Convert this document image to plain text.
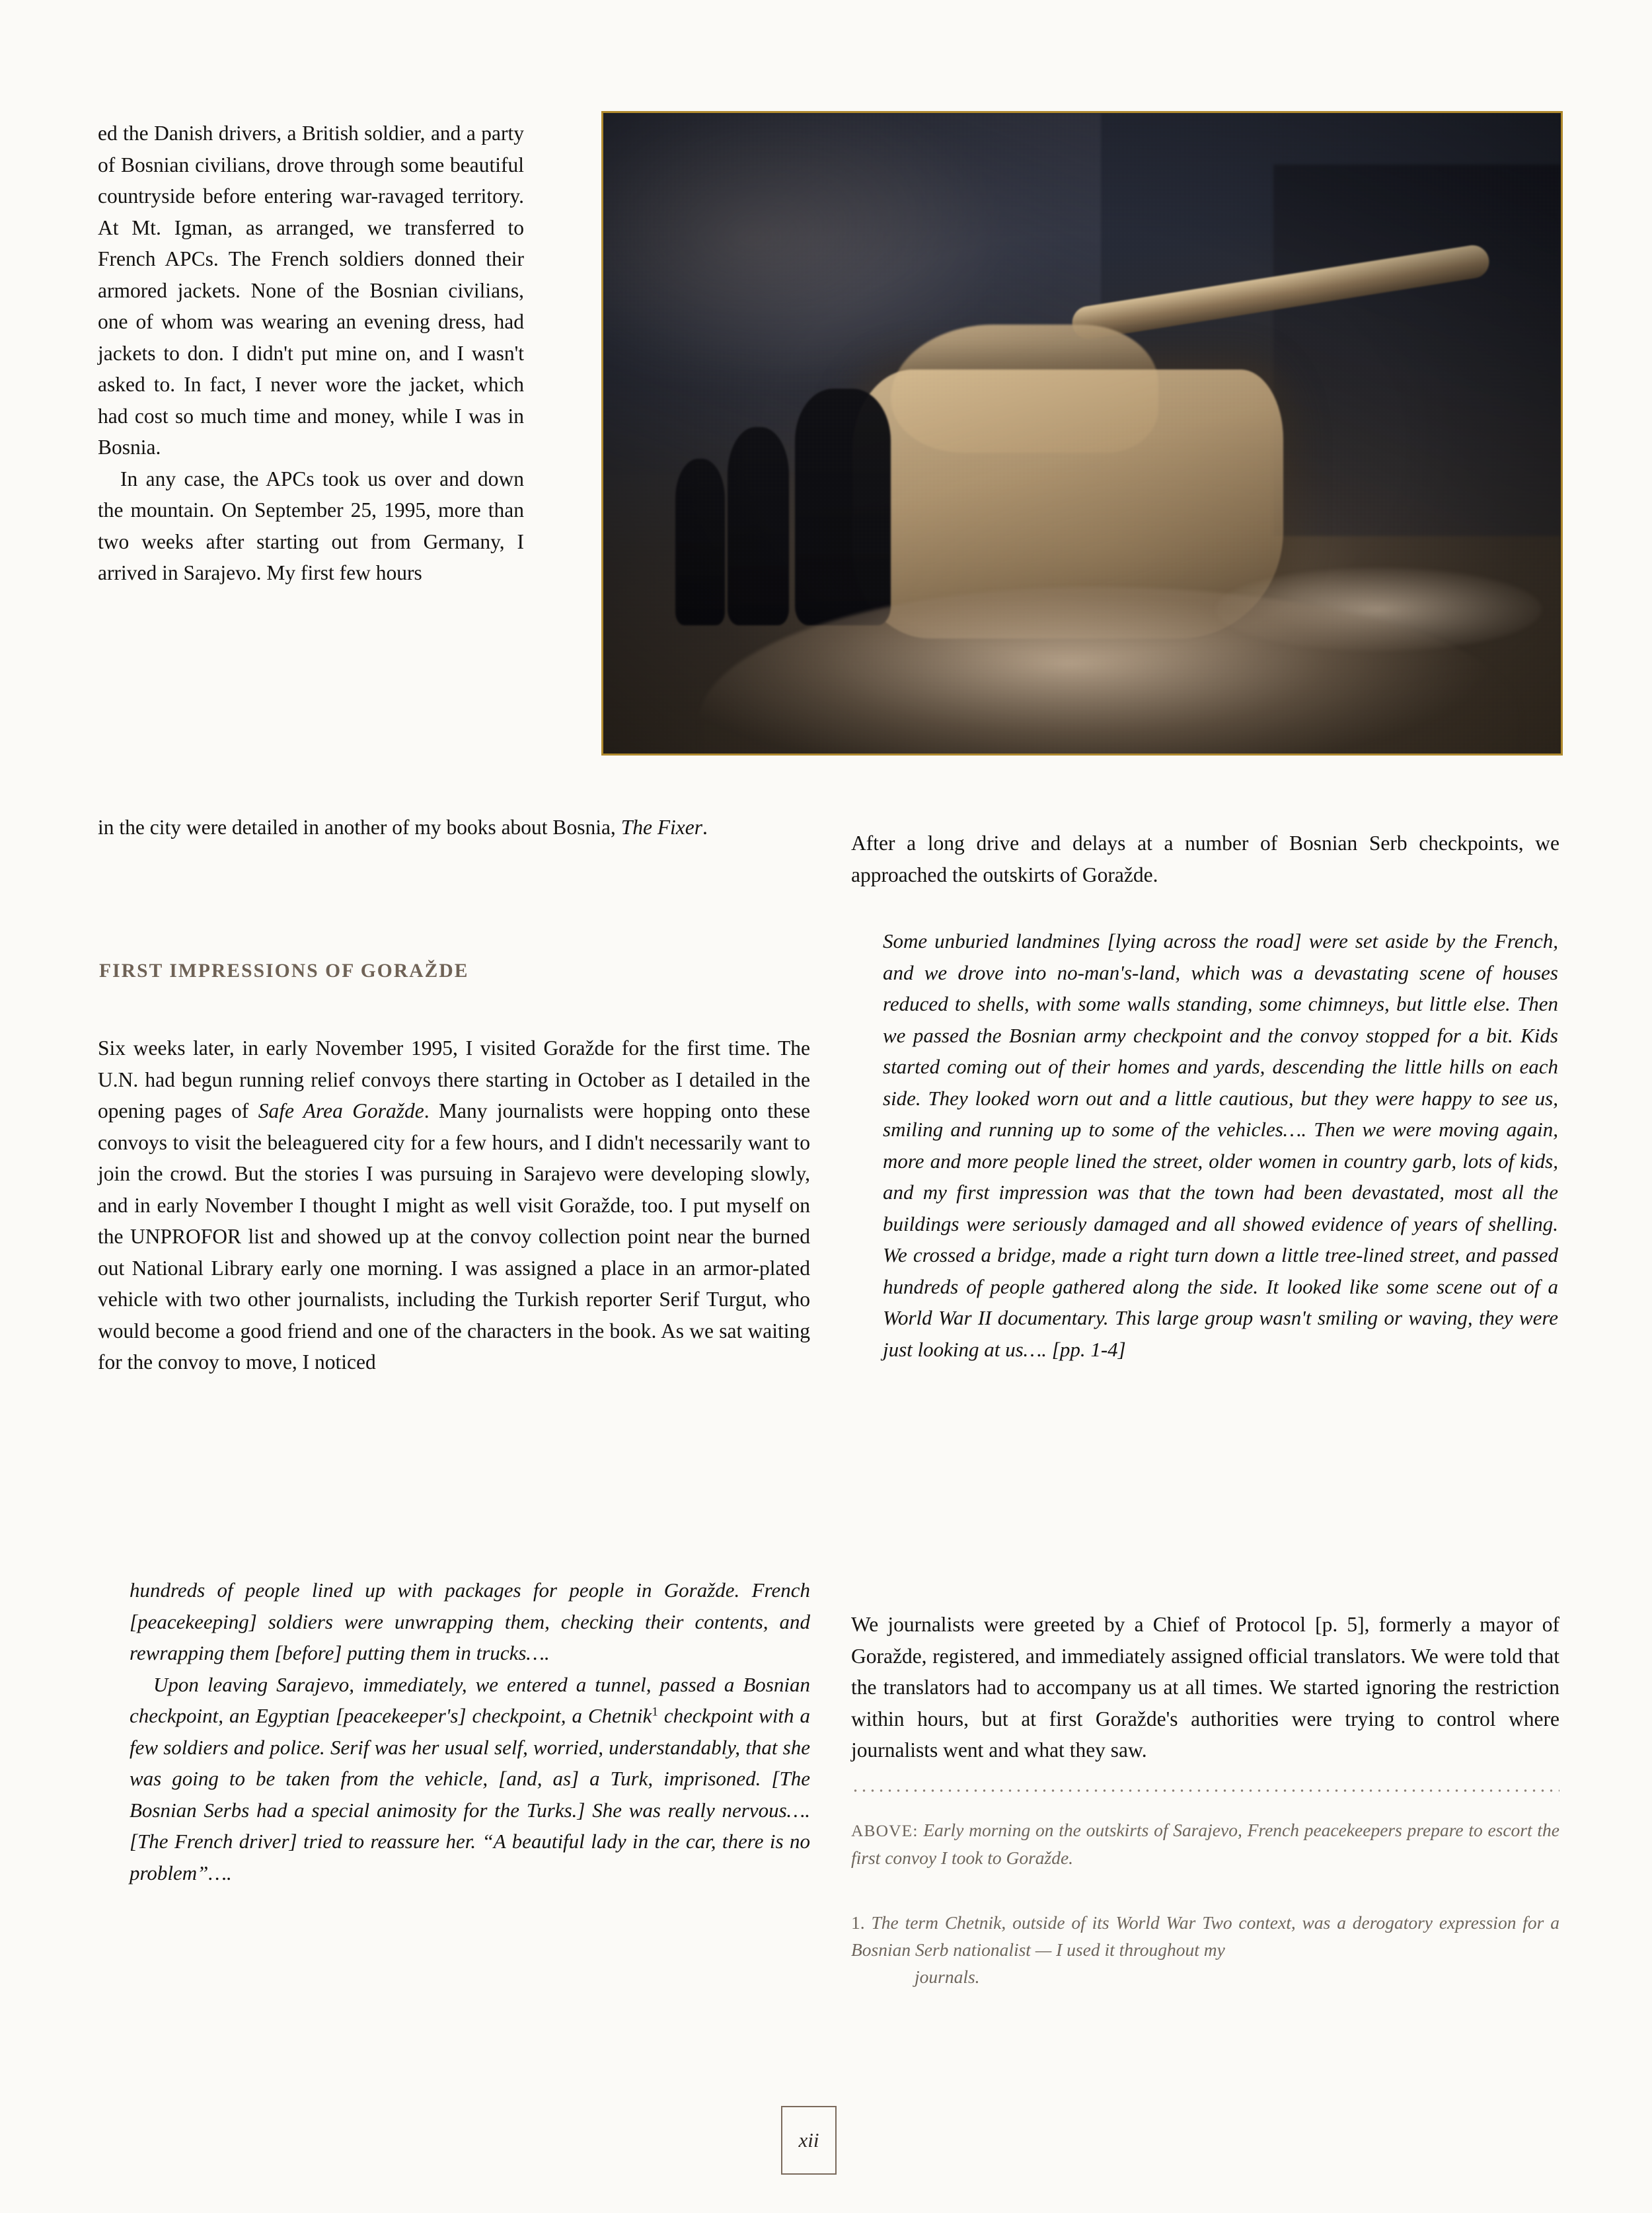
ed the Danish drivers, a British soldier, and a party of Bosnian civilians, drove through some beautiful countryside before entering war-ravaged territory. At Mt. Igman, as arranged, we transferred to French APCs. The French soldiers donned their armored jackets. None of the Bosnian civilians, one of whom was wearing an evening dress, had jackets to don. I didn't put mine on, and I wasn't asked to. In fact, I never wore the jacket, which had cost so much time and money, while I was in Bosnia.

In any case, the APCs took us over and down the mountain. On September 25, 1995, more than two weeks after starting out from Germany, I arrived in Sarajevo. My first few hours

in the city were detailed in another of my books about Bosnia, The Fixer.

FIRST IMPRESSIONS OF GORAŽDE

Six weeks later, in early November 1995, I visited Goražde for the first time. The U.N. had begun running relief convoys there starting in October as I detailed in the opening pages of Safe Area Goražde. Many journalists were hopping onto these convoys to visit the beleaguered city for a few hours, and I didn't necessarily want to join the crowd. But the stories I was pursuing in Sarajevo were developing slowly, and in early November I thought I might as well visit Goražde, too. I put myself on the UNPROFOR list and showed up at the convoy collection point near the burned out National Library early one morning. I was assigned a place in an armor-plated vehicle with two other journalists, including the Turkish reporter Serif Turgut, who would become a good friend and one of the characters in the book. As we sat waiting for the convoy to move, I noticed

hundreds of people lined up with packages for people in Goražde. French [peacekeeping] soldiers were unwrapping them, checking their contents, and rewrapping them [before] putting them in trucks….

Upon leaving Sarajevo, immediately, we entered a tunnel, passed a Bosnian checkpoint, an Egyptian [peacekeeper's] checkpoint, a Chetnik$^1$ checkpoint with a few soldiers and police. Serif was her usual self, worried, understandably, that she was going to be taken from the vehicle, [and, as] a Turk, imprisoned. [The Bosnian Serbs had a special animosity for the Turks.] She was really nervous…. [The French driver] tried to reassure her. “A beautiful lady in the car, there is no problem”….

After a long drive and delays at a number of Bosnian Serb checkpoints, we approached the outskirts of Goražde.

Some unburied landmines [lying across the road] were set aside by the French, and we drove into no-man's-land, which was a devastating scene of houses reduced to shells, with some walls standing, some chimneys, but little else. Then we passed the Bosnian army checkpoint and the convoy stopped for a bit. Kids started coming out of their homes and yards, descending the little hills on each side. They looked worn out and a little cautious, but they were happy to see us, smiling and running up to some of the vehicles…. Then we were moving again, more and more people lined the street, older women in country garb, lots of kids, and my first impression was that the town had been devastated, most all the buildings were seriously damaged and all showed evidence of years of shelling. We crossed a bridge, made a right turn down a little tree-lined street, and passed hundreds of people gathered along the side. It looked like some scene out of a World War II documentary. This large group wasn't smiling or waving, they were just looking at us…. [pp. 1-4]

We journalists were greeted by a Chief of Protocol [p. 5], formerly a mayor of Goražde, registered, and immediately assigned official translators. We were told that the translators had to accompany us at all times. We started ignoring the restriction within hours, but at first Goražde's authorities were trying to control where journalists went and what they saw.

ABOVE: Early morning on the outskirts of Sarajevo, French peacekeepers prepare to escort the first convoy I took to Goražde.
1. The term Chetnik, outside of its World War Two context, was a derogatory expression for a Bosnian Serb nationalist — I used it throughout my
journals.
xii
